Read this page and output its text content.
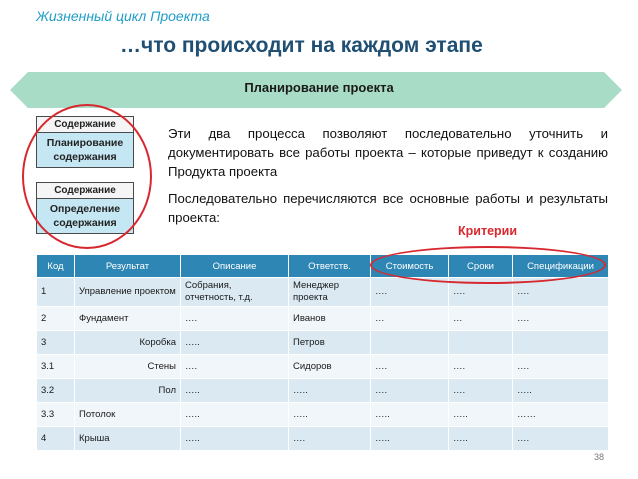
Жизненный цикл Проекта
…что происходит на каждом этапе
Планирование проекта
Содержание
Планирование
содержания
Содержание
Определение
содержания
Эти два процесса позволяют последовательно уточнить и документировать все работы проекта – которые приведут к созданию Продукта проекта
Последовательно перечисляются все основные работы и результаты проекта:
Критерии
Код	Результат	Описание	Ответств.	Стоимость	Сроки	Спецификации
1	Управление проектом	Собрания, отчетность, т.д.	Менеджер проекта	….	….	….
2	Фундамент	….	Иванов	…	…	….
3	Коробка	…..	Петров			
3.1	Стены	….	Сидоров	….	….	….
3.2	Пол	…..	…..	….	….	…..
3.3	Потолок	…..	…..	…..	…..	……
4	Крыша	…..	….	…..	…..	….
38
